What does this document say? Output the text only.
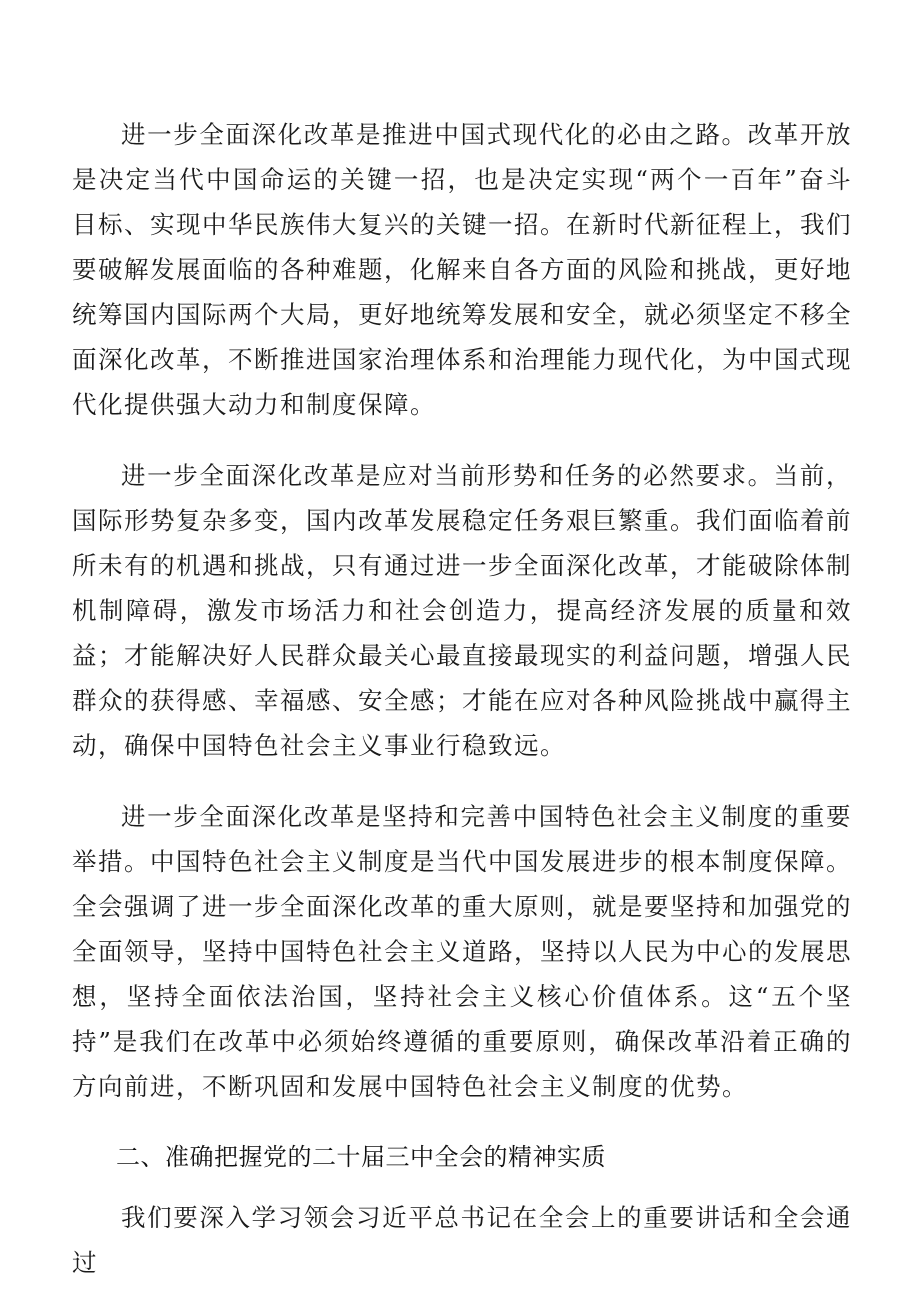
进一步全面深化改革是推进中国式现代化的必由之路。改革开放是决定当代中国命运的关键一招，也是决定实现“两个一百年”奋斗目标、实现中华民族伟大复兴的关键一招。在新时代新征程上，我们要破解发展面临的各种难题，化解来自各方面的风险和挑战，更好地统筹国内国际两个大局，更好地统筹发展和安全，就必须坚定不移全面深化改革，不断推进国家治理体系和治理能力现代化，为中国式现代化提供强大动力和制度保障。

进一步全面深化改革是应对当前形势和任务的必然要求。当前，国际形势复杂多变，国内改革发展稳定任务艰巨繁重。我们面临着前所未有的机遇和挑战，只有通过进一步全面深化改革，才能破除体制机制障碍，激发市场活力和社会创造力，提高经济发展的质量和效益；才能解决好人民群众最关心最直接最现实的利益问题，增强人民群众的获得感、幸福感、安全感；才能在应对各种风险挑战中赢得主动，确保中国特色社会主义事业行稳致远。

进一步全面深化改革是坚持和完善中国特色社会主义制度的重要举措。中国特色社会主义制度是当代中国发展进步的根本制度保障。全会强调了进一步全面深化改革的重大原则，就是要坚持和加强党的全面领导，坚持中国特色社会主义道路，坚持以人民为中心的发展思想，坚持全面依法治国，坚持社会主义核心价值体系。这“五个坚持”是我们在改革中必须始终遵循的重要原则，确保改革沿着正确的方向前进，不断巩固和发展中国特色社会主义制度的优势。

二、准确把握党的二十届三中全会的精神实质

我们要深入学习领会习近平总书记在全会上的重要讲话和全会通过
